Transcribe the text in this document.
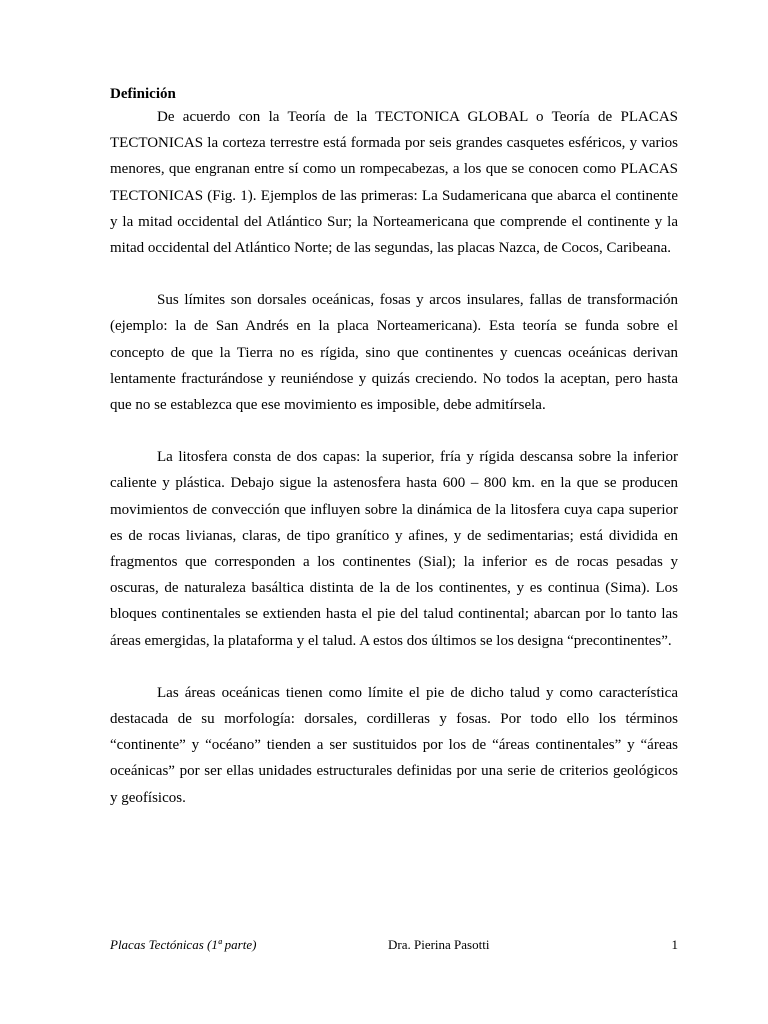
Definición

De acuerdo con la Teoría de la TECTONICA GLOBAL o Teoría de PLACAS TECTONICAS la corteza terrestre está formada por seis grandes casquetes esféricos, y varios menores, que engranan entre sí como un rompecabezas, a los que se conocen como PLACAS TECTONICAS (Fig. 1). Ejemplos de las primeras: La Sudamericana que abarca el continente y la mitad occidental del Atlántico Sur; la Norteamericana que comprende el continente y la mitad occidental del Atlántico Norte; de las segundas, las placas Nazca, de Cocos, Caribeana.

Sus límites son dorsales oceánicas, fosas y arcos insulares, fallas de transformación (ejemplo: la de San Andrés en la placa Norteamericana). Esta teoría se funda sobre el concepto de que la Tierra no es rígida, sino que continentes y cuencas oceánicas derivan lentamente fracturándose y reuniéndose y quizás creciendo. No todos la aceptan, pero hasta que no se establezca que ese movimiento es imposible, debe admitírsela.

La litosfera consta de dos capas: la superior, fría y rígida descansa sobre la inferior caliente y plástica. Debajo sigue la astenosfera hasta 600 – 800 km. en la que se producen movimientos de convección que influyen sobre la dinámica de la litosfera cuya capa superior es de rocas livianas, claras, de tipo granítico y afines, y de sedimentarias; está dividida en fragmentos que corresponden a los continentes (Sial); la inferior es de rocas pesadas y oscuras, de naturaleza basáltica distinta de la de los continentes, y es continua (Sima). Los bloques continentales se extienden hasta el pie del talud continental; abarcan por lo tanto las áreas emergidas, la plataforma y el talud. A estos dos últimos se los designa “precontinentes”.

Las áreas oceánicas tienen como límite el pie de dicho talud y como característica destacada de su morfología: dorsales, cordilleras y fosas. Por todo ello los términos “continente” y “océano” tienden a ser sustituidos por los de “áreas continentales” y “áreas oceánicas” por ser ellas unidades estructurales definidas por una serie de criterios geológicos y geofísicos.

Placas Tectónicas (1ª parte)	Dra. Pierina Pasotti	1
